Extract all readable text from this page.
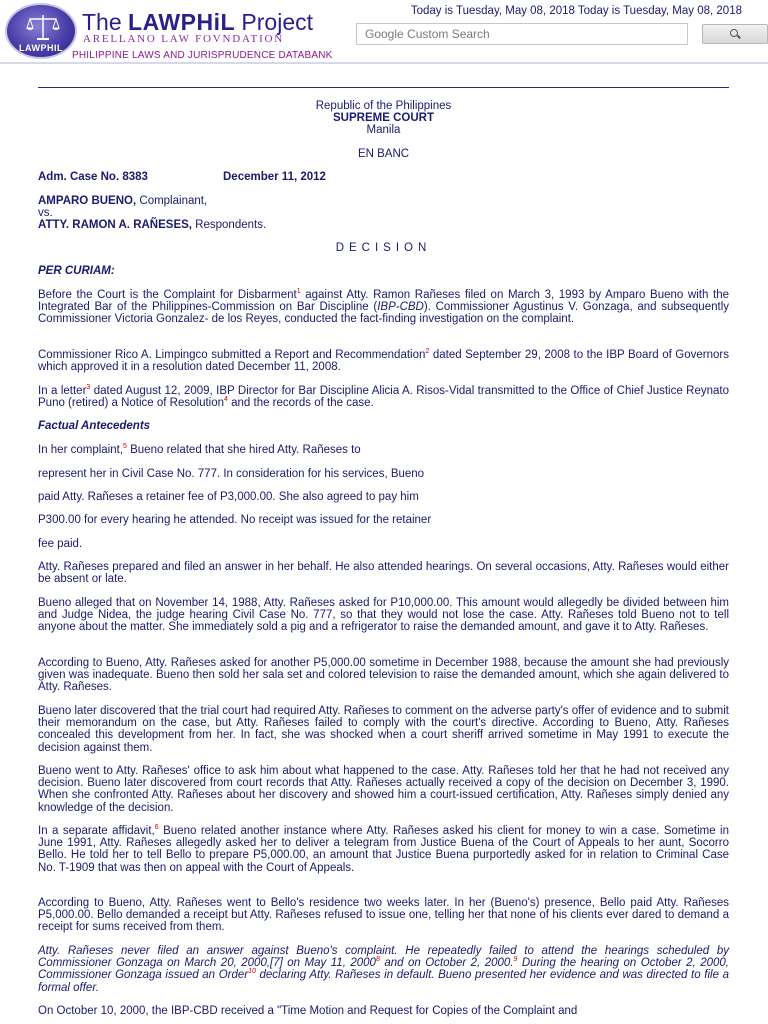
LAWPHIL
The LAWPHiL Project
ARELLANO LAW FOVNDATION
PHILIPPINE LAWS AND JURISPRUDENCE DATABANK
Today is Tuesday, May 08, 2018 Today is Tuesday, May 08, 2018
Google Custom Search
Republic of the Philippines
SUPREME COURT
Manila
EN BANC
Adm. Case No. 8383	December 11, 2012
AMPARO BUENO, Complainant,
vs.
ATTY. RAMON A. RAÑESES, Respondents.
DECISION
PER CURIAM:
Before the Court is the Complaint for Disbarment$^1$ against Atty. Ramon Rañeses filed on March 3, 1993 by Amparo Bueno with the Integrated Bar of the Philippines-Commission on Bar Discipline (IBP-CBD). Commissioner Agustinus V. Gonzaga, and subsequently Commissioner Victoria Gonzalez- de los Reyes, conducted the fact-finding investigation on the complaint.
Commissioner Rico A. Limpingco submitted a Report and Recommendation$^2$ dated September 29, 2008 to the IBP Board of Governors which approved it in a resolution dated December 11, 2008.
In a letter$^3$ dated August 12, 2009, IBP Director for Bar Discipline Alicia A. Risos-Vidal transmitted to the Office of Chief Justice Reynato Puno (retired) a Notice of Resolution$^4$ and the records of the case.
Factual Antecedents
In her complaint,$^5$ Bueno related that she hired Atty. Rañeses to
represent her in Civil Case No. 777. In consideration for his services, Bueno
paid Atty. Rañeses a retainer fee of P3,000.00. She also agreed to pay him
P300.00 for every hearing he attended. No receipt was issued for the retainer
fee paid.
Atty. Rañeses prepared and filed an answer in her behalf. He also attended hearings. On several occasions, Atty. Rañeses would either be absent or late.
Bueno alleged that on November 14, 1988, Atty. Rañeses asked for P10,000.00. This amount would allegedly be divided between him and Judge Nidea, the judge hearing Civil Case No. 777, so that they would not lose the case. Atty. Rañeses told Bueno not to tell anyone about the matter. She immediately sold a pig and a refrigerator to raise the demanded amount, and gave it to Atty. Rañeses.
According to Bueno, Atty. Rañeses asked for another P5,000.00 sometime in December 1988, because the amount she had previously given was inadequate. Bueno then sold her sala set and colored television to raise the demanded amount, which she again delivered to Atty. Rañeses.
Bueno later discovered that the trial court had required Atty. Rañeses to comment on the adverse party's offer of evidence and to submit their memorandum on the case, but Atty. Rañeses failed to comply with the court's directive. According to Bueno, Atty. Rañeses concealed this development from her. In fact, she was shocked when a court sheriff arrived sometime in May 1991 to execute the decision against them.
Bueno went to Atty. Rañeses' office to ask him about what happened to the case. Atty. Rañeses told her that he had not received any decision. Bueno later discovered from court records that Atty. Rañeses actually received a copy of the decision on December 3, 1990. When she confronted Atty. Rañeses about her discovery and showed him a court-issued certification, Atty. Rañeses simply denied any knowledge of the decision.
In a separate affidavit,$^6$ Bueno related another instance where Atty. Rañeses asked his client for money to win a case. Sometime in June 1991, Atty. Rañeses allegedly asked her to deliver a telegram from Justice Buena of the Court of Appeals to her aunt, Socorro Bello. He told her to tell Bello to prepare P5,000.00, an amount that Justice Buena purportedly asked for in relation to Criminal Case No. T-1909 that was then on appeal with the Court of Appeals.
According to Bueno, Atty. Rañeses went to Bello's residence two weeks later. In her (Bueno's) presence, Bello paid Atty. Rañeses P5,000.00. Bello demanded a receipt but Atty. Rañeses refused to issue one, telling her that none of his clients ever dared to demand a receipt for sums received from them.
Atty. Rañeses never filed an answer against Bueno's complaint. He repeatedly failed to attend the hearings scheduled by Commissioner Gonzaga on March 20, 2000,[7] on May 11, 2000$^8$ and on October 2, 2000.$^9$ During the hearing on October 2, 2000, Commissioner Gonzaga issued an Order$^{10}$ declaring Atty. Rañeses in default. Bueno presented her evidence and was directed to file a formal offer.
On October 10, 2000, the IBP-CBD received a "Time Motion and Request for Copies of the Complaint and
